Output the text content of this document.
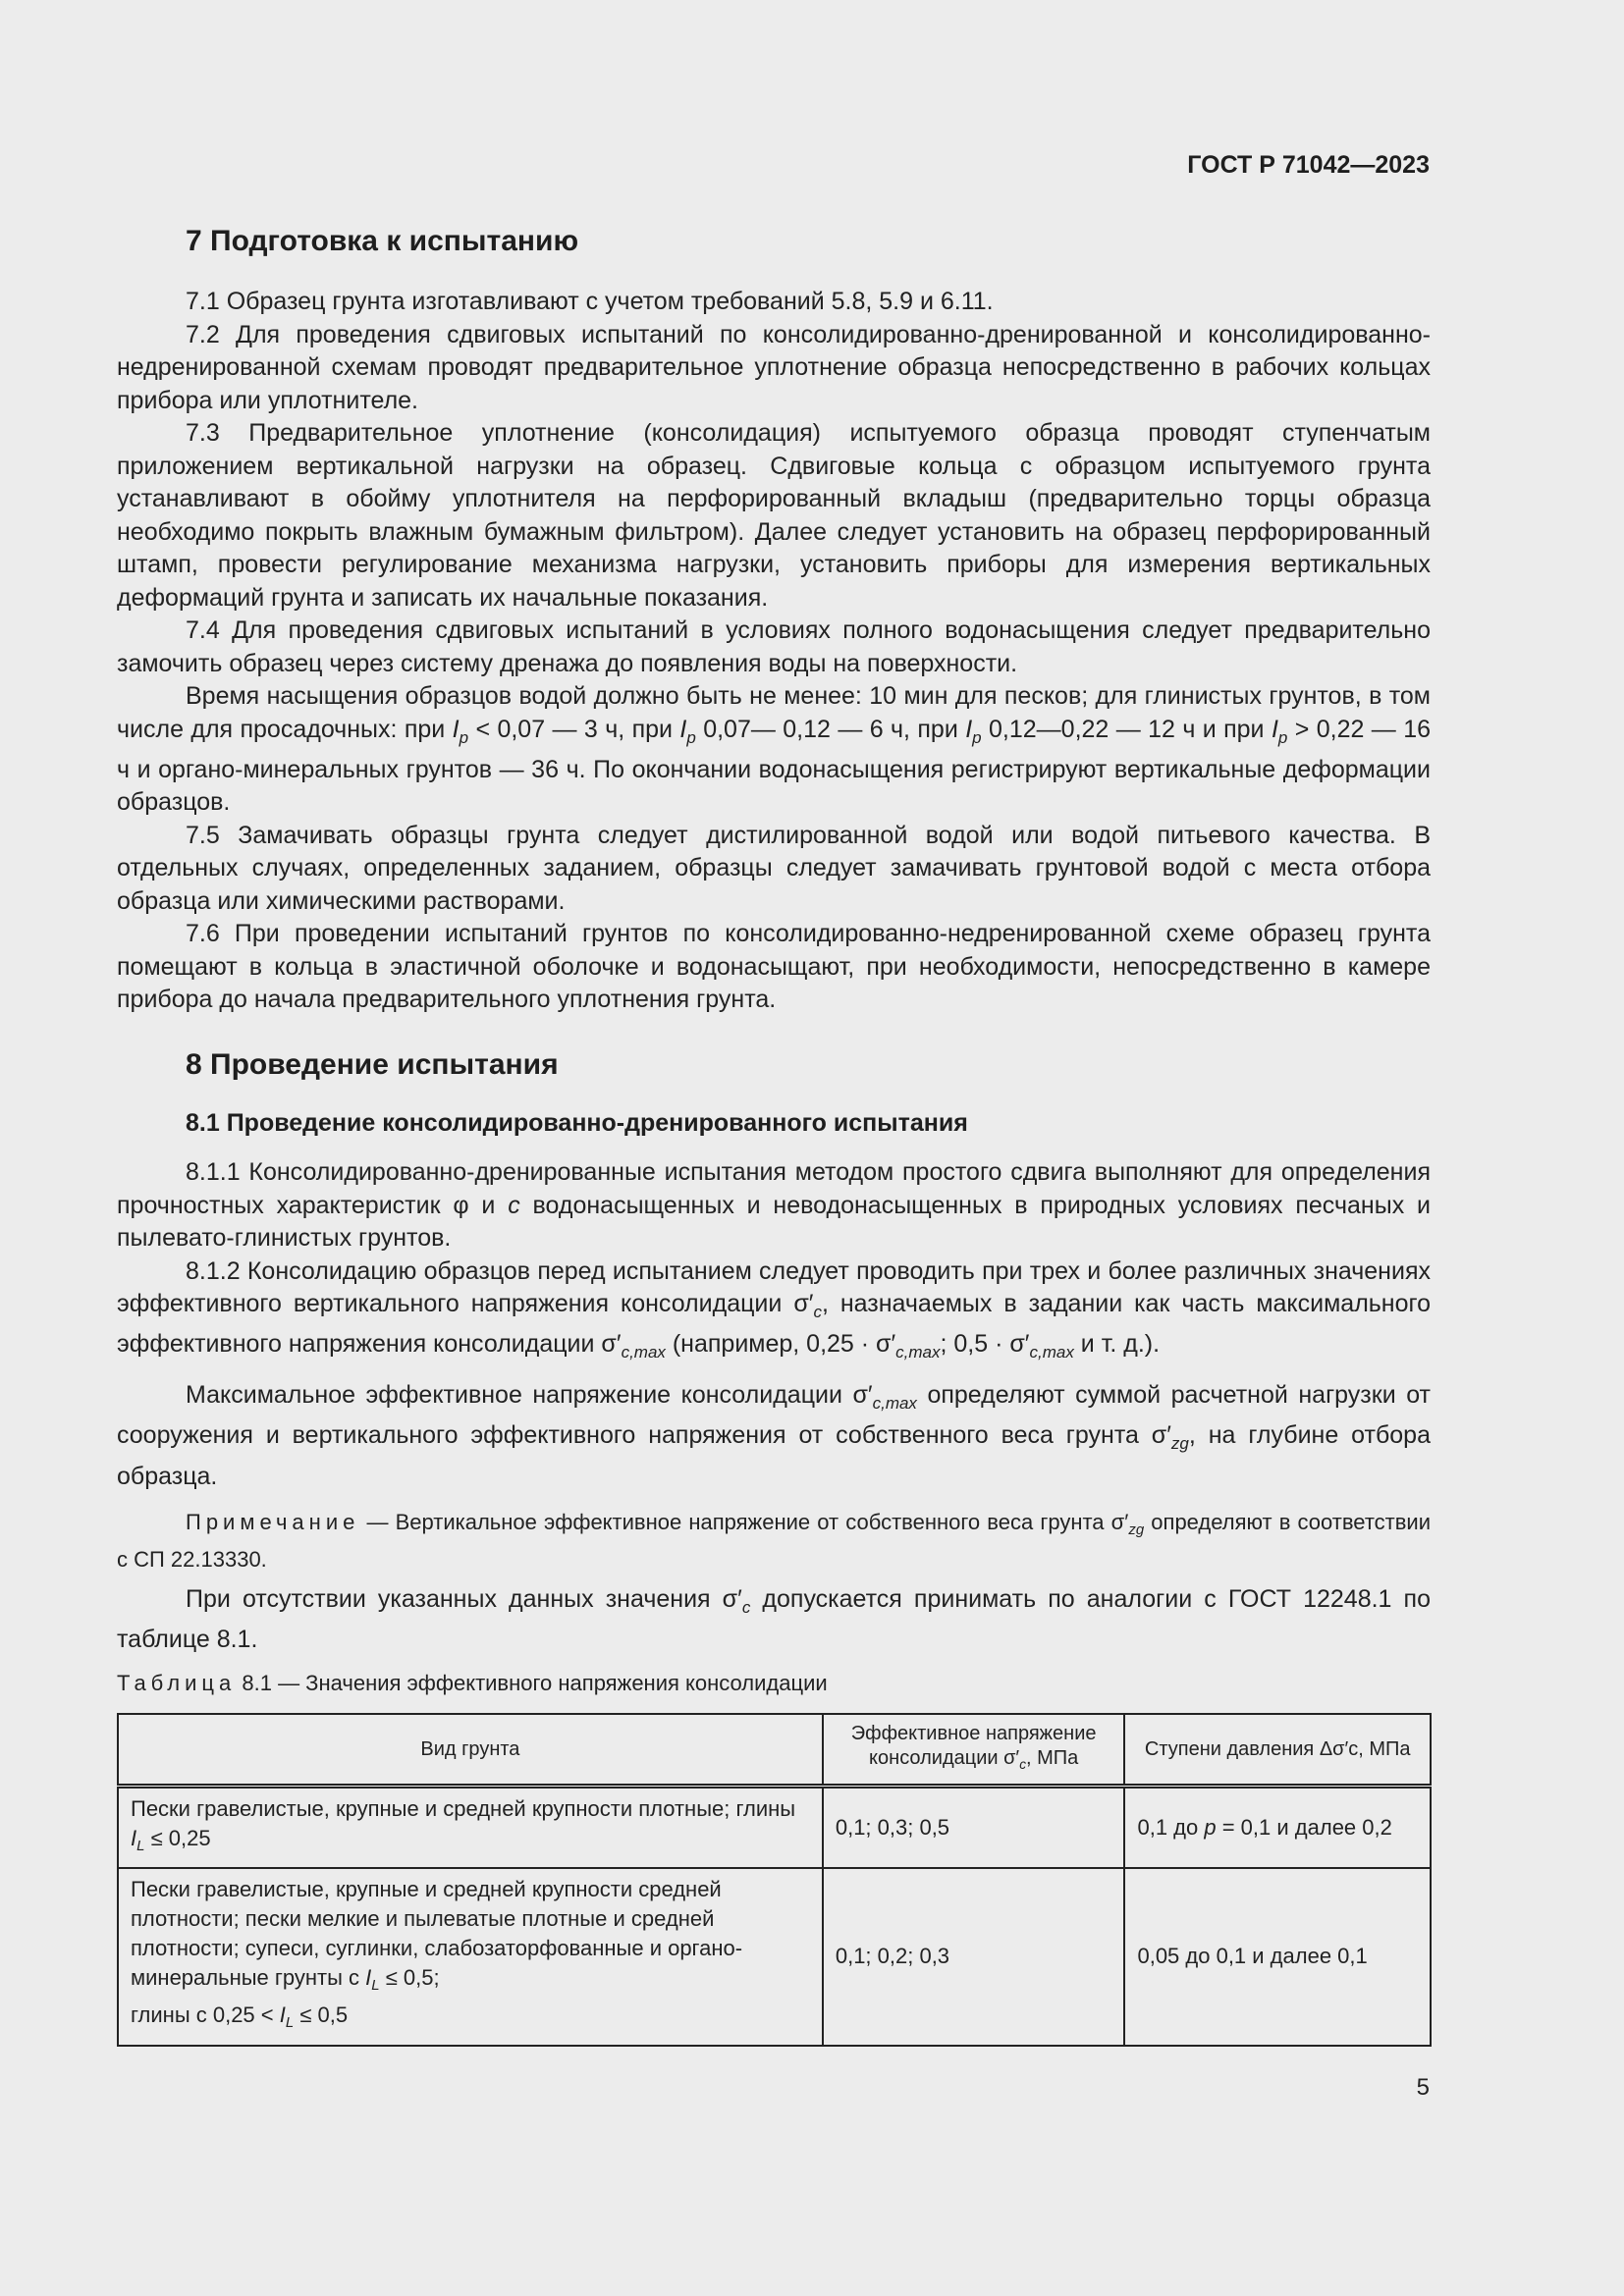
ГОСТ Р 71042—2023
7 Подготовка к испытанию

7.1 Образец грунта изготавливают с учетом требований 5.8, 5.9 и 6.11.

7.2 Для проведения сдвиговых испытаний по консолидированно-дренированной и консолидированно-недренированной схемам проводят предварительное уплотнение образца непосредственно в рабочих кольцах прибора или уплотнителе.

7.3 Предварительное уплотнение (консолидация) испытуемого образца проводят ступенчатым приложением вертикальной нагрузки на образец. Сдвиговые кольца с образцом испытуемого грунта устанавливают в обойму уплотнителя на перфорированный вкладыш (предварительно торцы образца необходимо покрыть влажным бумажным фильтром). Далее следует установить на образец перфорированный штамп, провести регулирование механизма нагрузки, установить приборы для измерения вертикальных деформаций грунта и записать их начальные показания.

7.4 Для проведения сдвиговых испытаний в условиях полного водонасыщения следует предварительно замочить образец через систему дренажа до появления воды на поверхности.

Время насыщения образцов водой должно быть не менее: 10 мин для песков; для глинистых грунтов, в том числе для просадочных: при $I_p < 0,07$ — 3 ч, при $I_p$ 0,07— 0,12 — 6 ч, при $I_p$ 0,12—0,22 — 12 ч и при $I_p > 0,22$ — 16 ч и органо-минеральных грунтов — 36 ч. По окончании водонасыщения регистрируют вертикальные деформации образцов.

7.5 Замачивать образцы грунта следует дистилированной водой или водой питьевого качества. В отдельных случаях, определенных заданием, образцы следует замачивать грунтовой водой с места отбора образца или химическими растворами.

7.6 При проведении испытаний грунтов по консолидированно-недренированной схеме образец грунта помещают в кольца в эластичной оболочке и водонасыщают, при необходимости, непосредственно в камере прибора до начала предварительного уплотнения грунта.

8 Проведение испытания
8.1 Проведение консолидированно-дренированного испытания

8.1.1 Консолидированно-дренированные испытания методом простого сдвига выполняют для определения прочностных характеристик φ и c водонасыщенных и неводонасыщенных в природных условиях песчаных и пылевато-глинистых грунтов.

8.1.2 Консолидацию образцов перед испытанием следует проводить при трех и более различных значениях эффективного вертикального напряжения консолидации $\sigma'_c$, назначаемых в задании как часть максимального эффективного напряжения консолидации $\sigma'_{c,max}$ (например, $0,25 \cdot \sigma'_{c,max}$; $0,5 \cdot \sigma'_{c,max}$ и т. д.).

Максимальное эффективное напряжение консолидации $\sigma'_{c,max}$ определяют суммой расчетной нагрузки от сооружения и вертикального эффективного напряжения от собственного веса грунта $\sigma'_{zg}$, на глубине отбора образца.

Примечание — Вертикальное эффективное напряжение от собственного веса грунта $\sigma'_{zg}$ определяют в соответствии с СП 22.13330.

При отсутствии указанных данных значения $\sigma'_c$ допускается принимать по аналогии с ГОСТ 12248.1 по таблице 8.1.

Таблица 8.1 — Значения эффективного напряжения консолидации
Вид грунта	Эффективное напряжение консолидации $\sigma'_c$, МПа	Ступени давления Δσ′c, МПа
Пески гравелистые, крупные и средней крупности плотные; глины $I_L \le 0,25$	0,1; 0,3; 0,5	0,1 до р = 0,1 и далее 0,2
Пески гравелистые, крупные и средней крупности средней плотности; пески мелкие и пылеватые плотные и средней плотности; супеси, суглинки, слабозаторфованные и органо-минеральные грунты с $I_L \le 0,5$;
глины с $0,25 < I_L \le 0,5$	0,1; 0,2; 0,3	0,05 до 0,1 и далее 0,1
5
